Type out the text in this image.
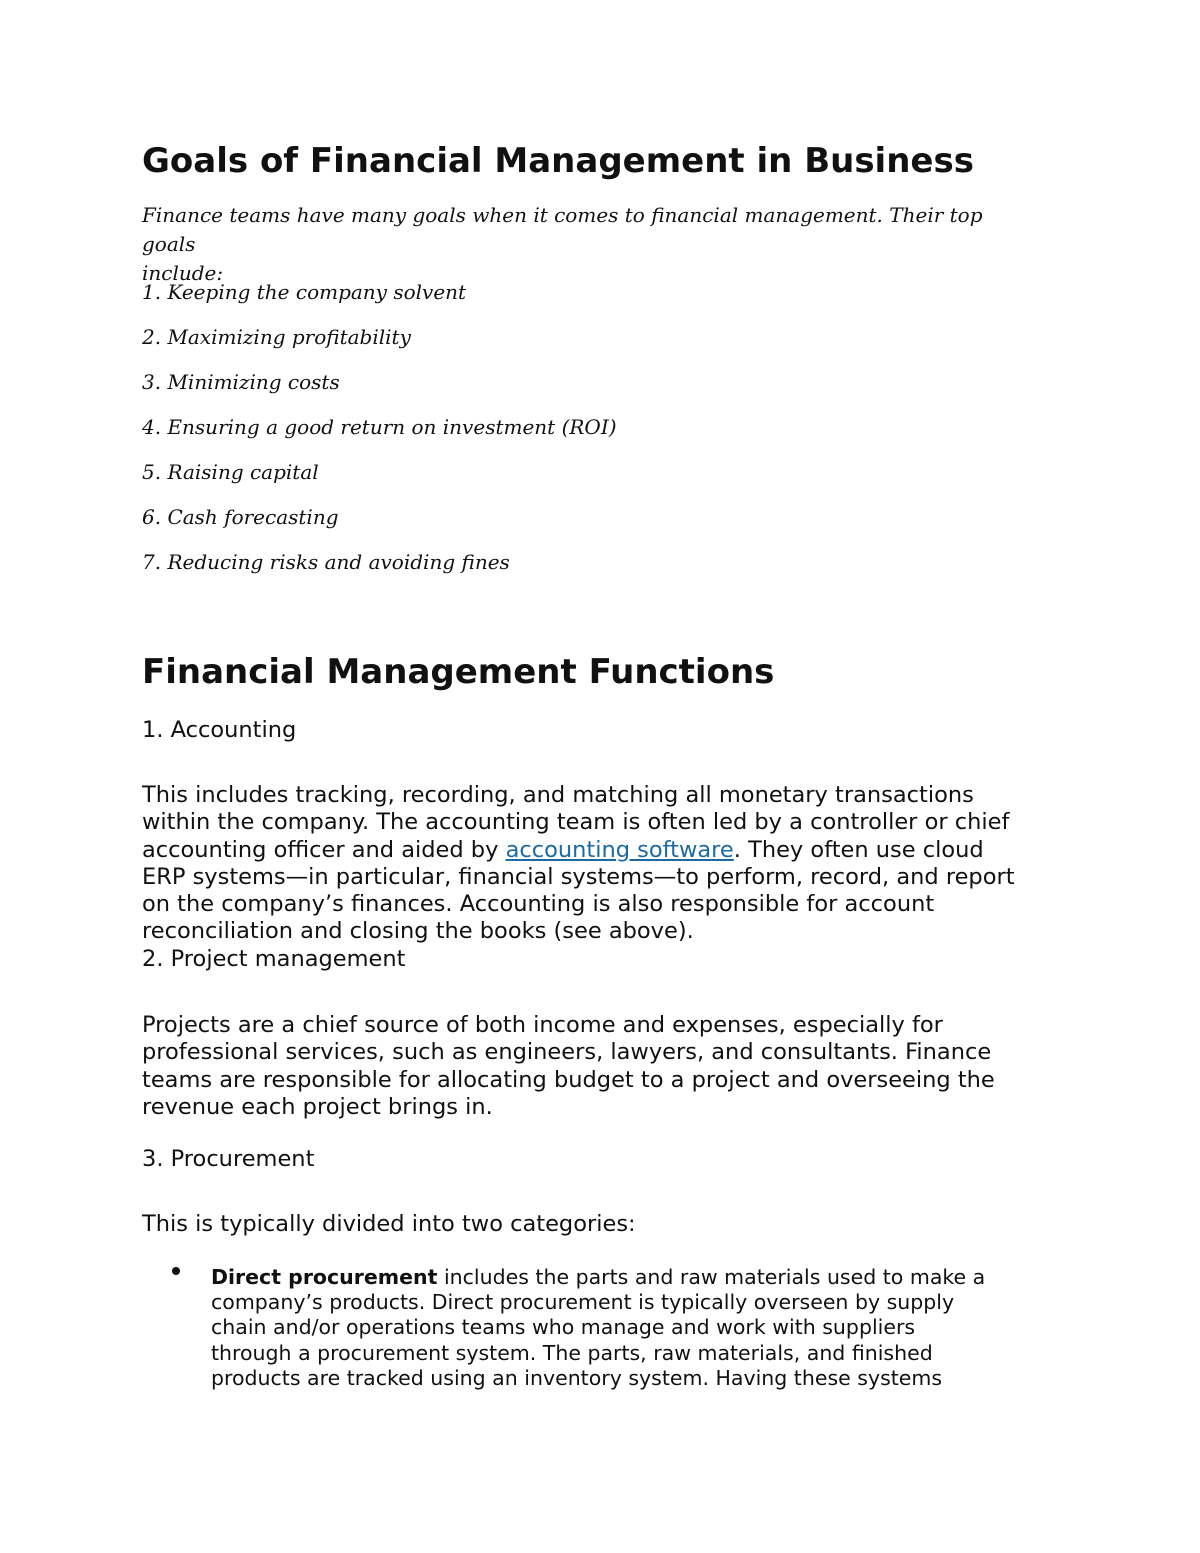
Goals of Financial Management in Business

Finance teams have many goals when it comes to financial management. Their top goals
include:

1. Keeping the company solvent

2. Maximizing profitability

3. Minimizing costs

4. Ensuring a good return on investment (ROI)

5. Raising capital

6. Cash forecasting

7. Reducing risks and avoiding fines

Financial Management Functions

1. Accounting

This includes tracking, recording, and matching all monetary transactions
within the company. The accounting team is often led by a controller or chief
accounting officer and aided by accounting software. They often use cloud
ERP systems—in particular, financial systems—to perform, record, and report
on the company’s finances. Accounting is also responsible for account
reconciliation and closing the books (see above).

2. Project management

Projects are a chief source of both income and expenses, especially for
professional services, such as engineers, lawyers, and consultants. Finance
teams are responsible for allocating budget to a project and overseeing the
revenue each project brings in.

3. Procurement

This is typically divided into two categories:

Direct procurement includes the parts and raw materials used to make a
company’s products. Direct procurement is typically overseen by supply
chain and/or operations teams who manage and work with suppliers
through a procurement system. The parts, raw materials, and finished
products are tracked using an inventory system. Having these systems
